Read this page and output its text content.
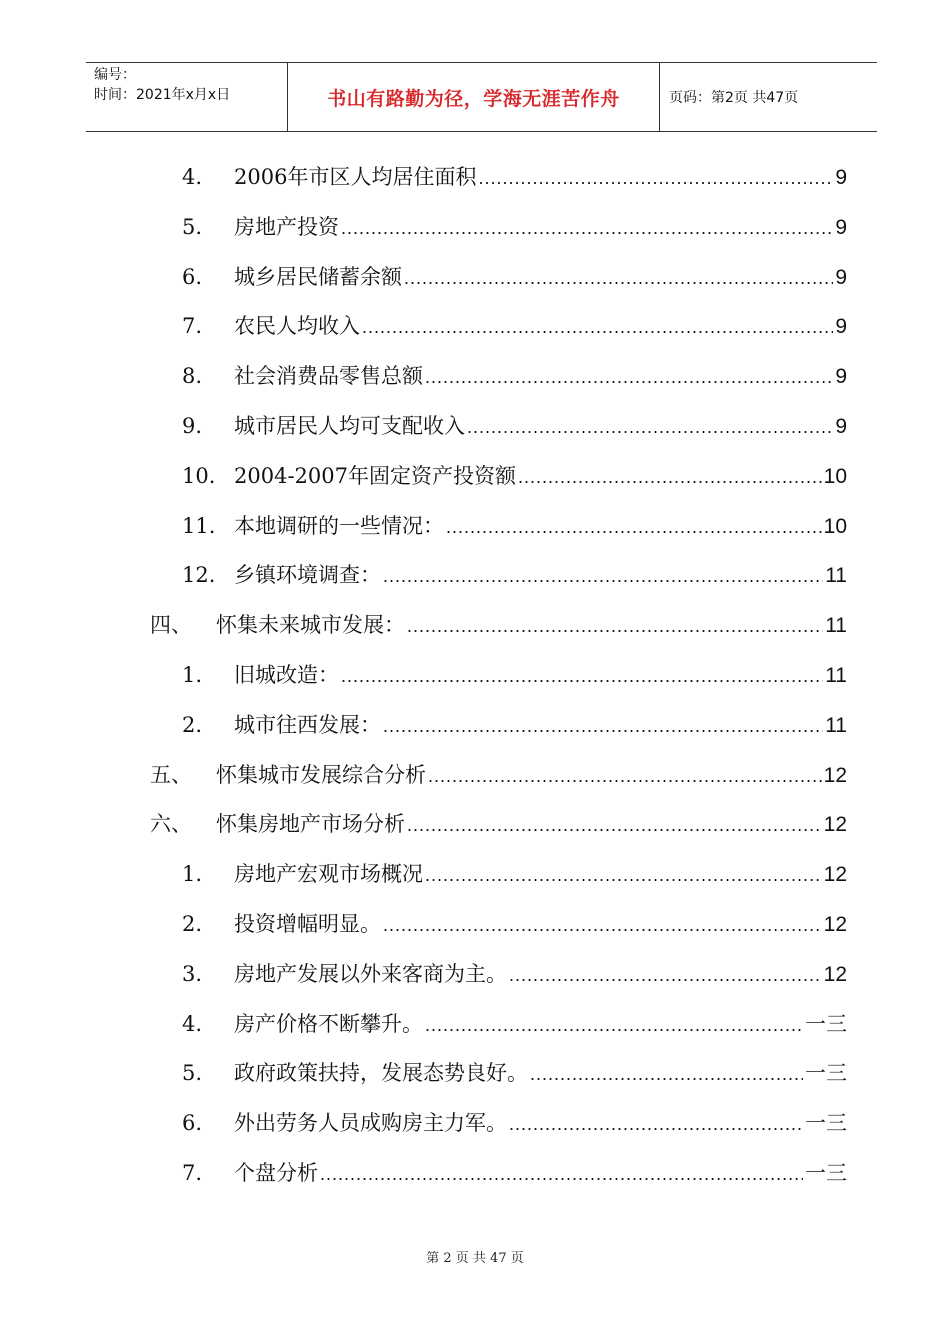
编号：
时间：2021年x月x日	书山有路勤为径，学海无涯苦作舟	页码：第2页 共47页
4.	2006年市区人均居住面积 .....	9
5.	房地产投资 .....	9
6.	城乡居民储蓄余额 .....	9
7.	农民人均收入 .....	9
8.	社会消费品零售总额 .....	9
9.	城市居民人均可支配收入 .....	9
10. 2004-2007年固定资产投资额 .....	10
11. 本地调研的一些情况： .....	10
12. 乡镇环境调查： .....	11
四、	怀集未来城市发展： .....	11
1.	旧城改造： .....	11
2.	城市往西发展： .....	11
五、	怀集城市发展综合分析 .....	12
六、	怀集房地产市场分析 .....	12
1.	房地产宏观市场概况 .....	12
2.	投资增幅明显。 .....	12
3.	房地产发展以外来客商为主。 .....	12
4.	房产价格不断攀升。 .....	一三
5.	政府政策扶持，发展态势良好。 .....	一三
6.	外出劳务人员成购房主力军。 .....	一三
7.	个盘分析 .....	一三
第 2 页 共 47 页
